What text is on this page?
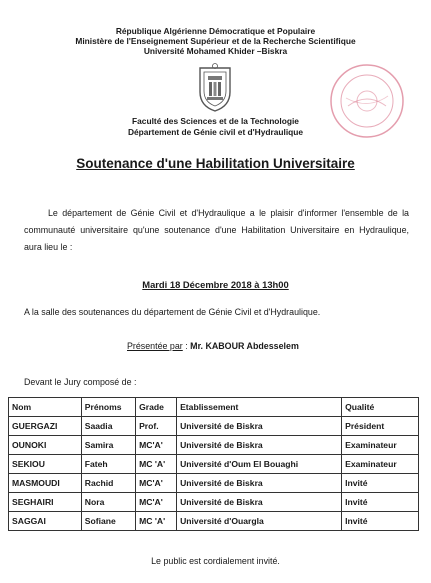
République Algérienne Démocratique et Populaire
Ministère de l'Enseignement Supérieur et de la Recherche Scientifique
Université Mohamed Khider –Biskra
Faculté des Sciences et de la Technologie
Département de Génie civil et d'Hydraulique
Soutenance d'une Habilitation Universitaire
Le département de Génie Civil et d'Hydraulique a le plaisir d'informer l'ensemble de la communauté universitaire qu'une soutenance d'une Habilitation Universitaire en Hydraulique, aura lieu le :
Mardi 18 Décembre 2018 à 13h00
A la salle des soutenances du département de Génie Civil et d'Hydraulique.
Présentée par : Mr. KABOUR Abdesselem
Devant le Jury composé de :
Nom	Prénoms	Grade	Etablissement	Qualité
GUERGAZI	Saadia	Prof.	Université de Biskra	Président
OUNOKI	Samira	MC'A'	Université de Biskra	Examinateur
SEKIOU	Fateh	MC 'A'	Université d'Oum El Bouaghi	Examinateur
MASMOUDI	Rachid	MC'A'	Université de Biskra	Invité
SEGHAIRI	Nora	MC'A'	Université de Biskra	Invité
SAGGAI	Sofiane	MC 'A'	Université d'Ouargla	Invité
Le public est cordialement invité.
